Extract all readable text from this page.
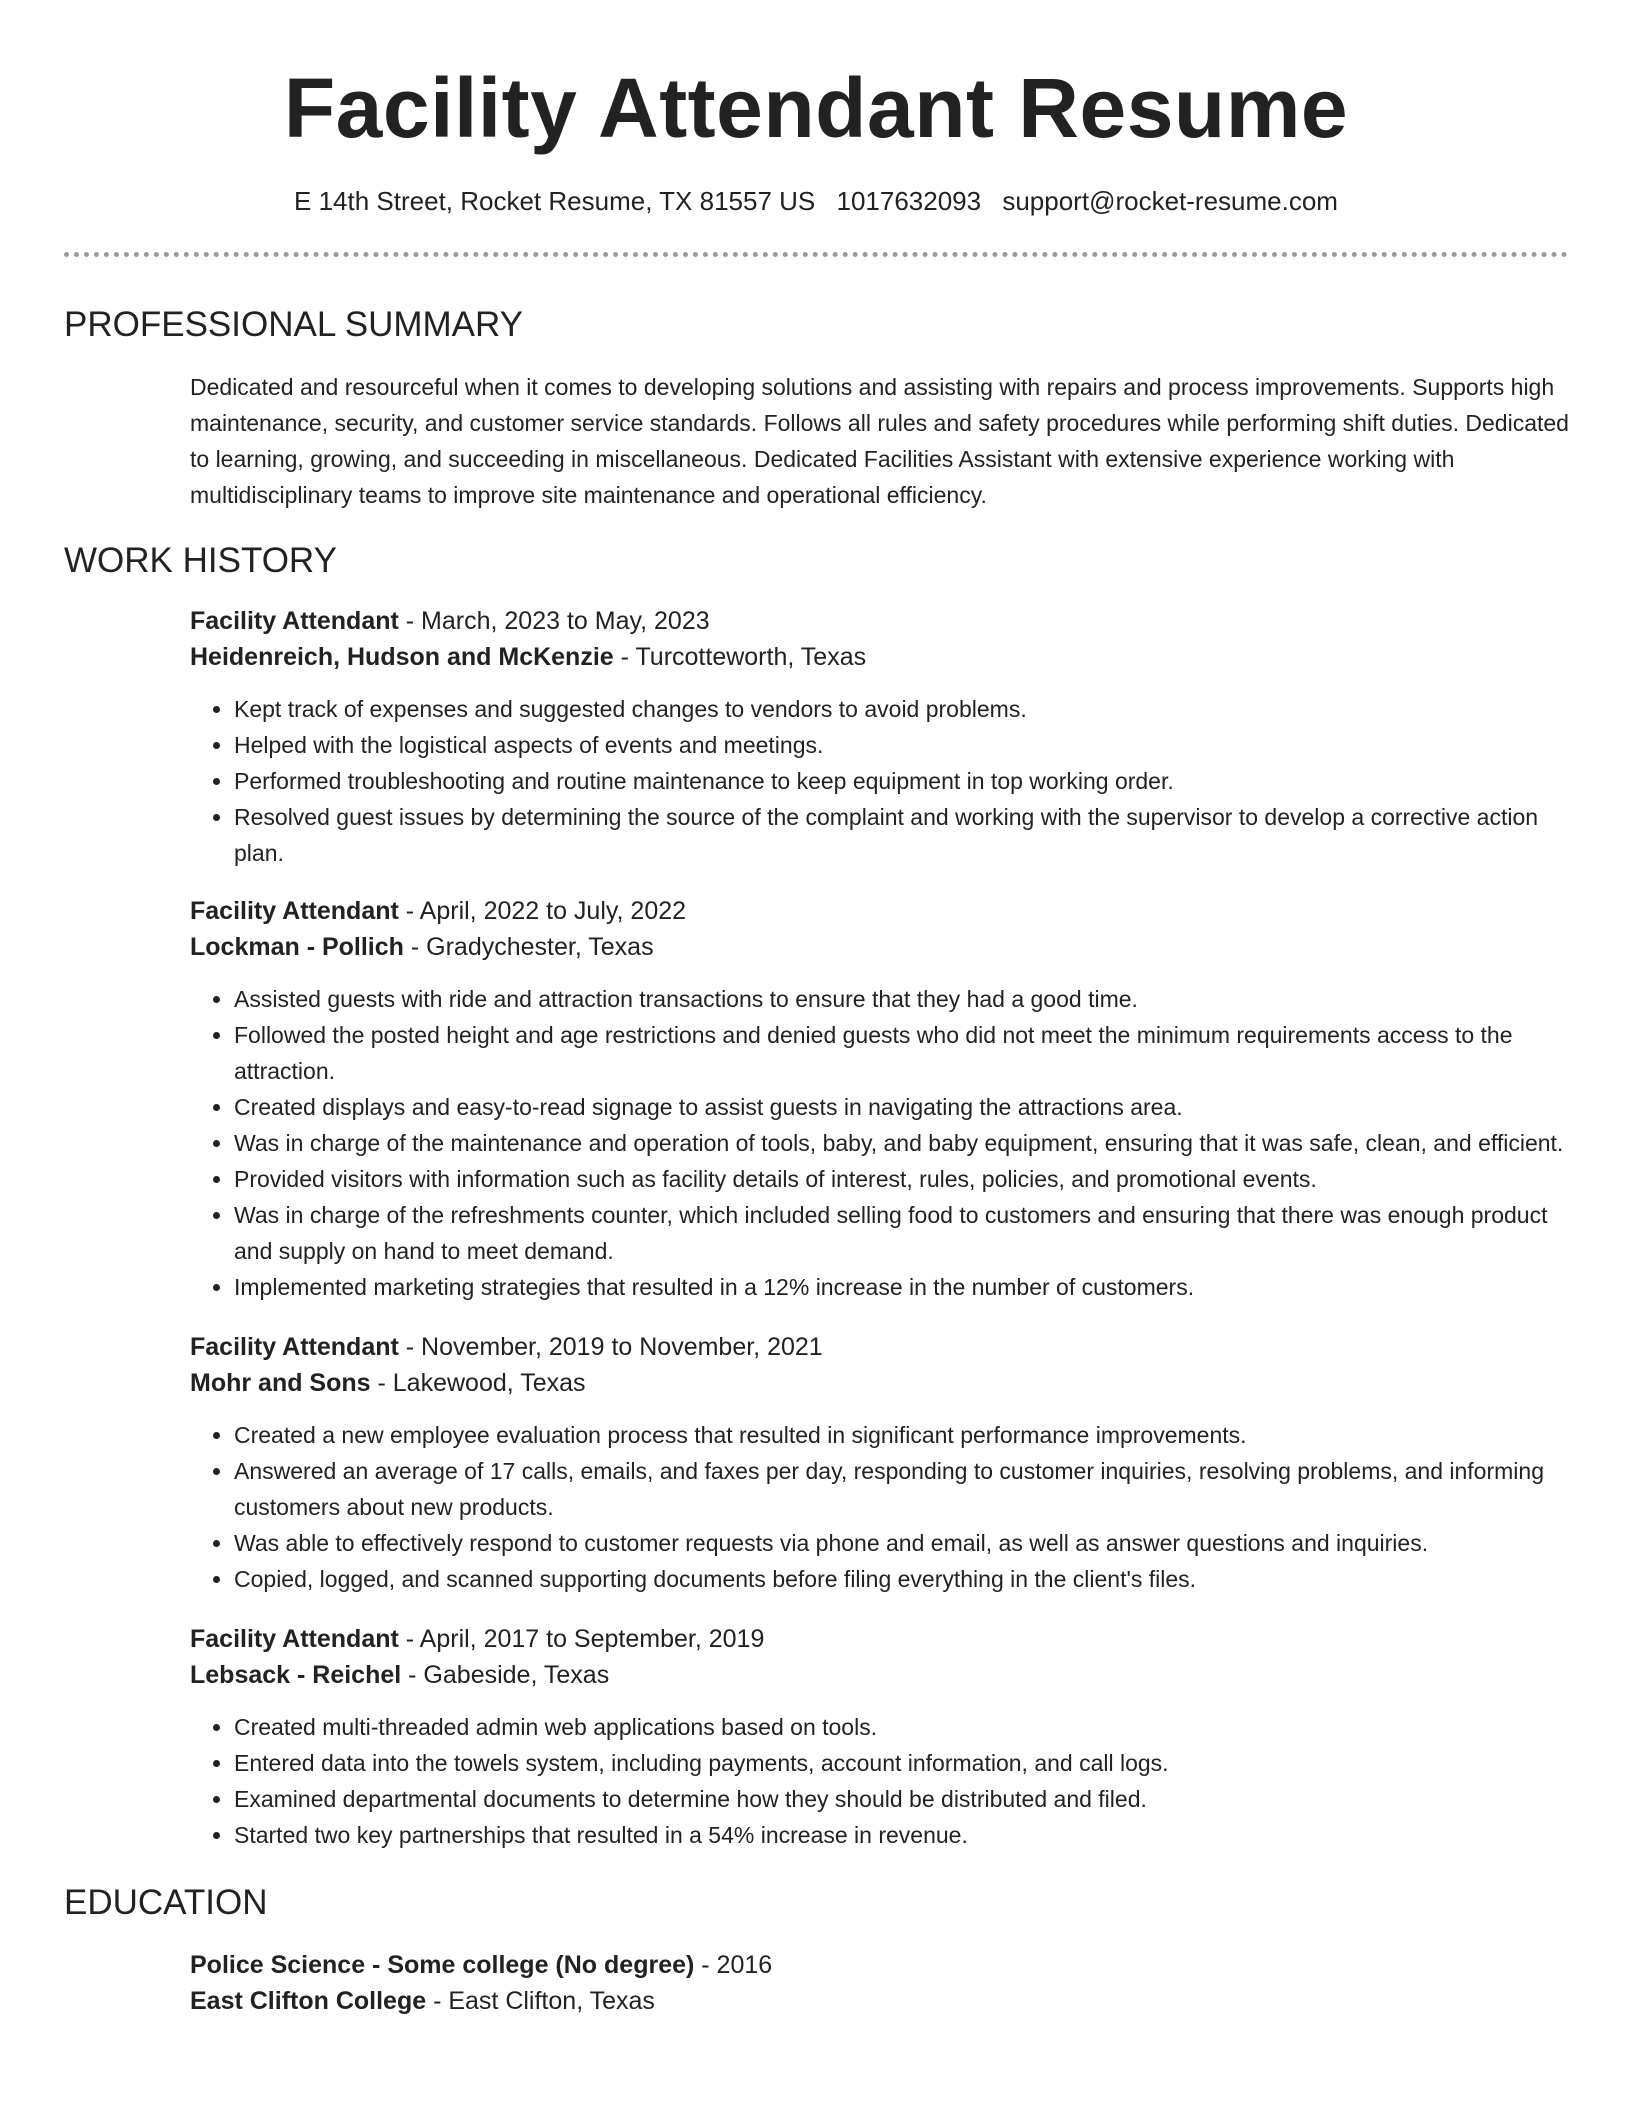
Facility Attendant Resume
E 14th Street, Rocket Resume, TX 81557 US 1017632093 support@rocket-resume.com
PROFESSIONAL SUMMARY

Dedicated and resourceful when it comes to developing solutions and assisting with repairs and process improvements. Supports high maintenance, security, and customer service standards. Follows all rules and safety procedures while performing shift duties. Dedicated to learning, growing, and succeeding in miscellaneous. Dedicated Facilities Assistant with extensive experience working with multidisciplinary teams to improve site maintenance and operational efficiency.

WORK HISTORY

Facility Attendant - March, 2023 to May, 2023

Heidenreich, Hudson and McKenzie - Turcotteworth, Texas

• Kept track of expenses and suggested changes to vendors to avoid problems.
• Helped with the logistical aspects of events and meetings.
• Performed troubleshooting and routine maintenance to keep equipment in top working order.
• Resolved guest issues by determining the source of the complaint and working with the supervisor to develop a corrective action plan.

Facility Attendant - April, 2022 to July, 2022

Lockman - Pollich - Gradychester, Texas

• Assisted guests with ride and attraction transactions to ensure that they had a good time.
• Followed the posted height and age restrictions and denied guests who did not meet the minimum requirements access to the attraction.
• Created displays and easy-to-read signage to assist guests in navigating the attractions area.
• Was in charge of the maintenance and operation of tools, baby, and baby equipment, ensuring that it was safe, clean, and efficient.
• Provided visitors with information such as facility details of interest, rules, policies, and promotional events.
• Was in charge of the refreshments counter, which included selling food to customers and ensuring that there was enough product and supply on hand to meet demand.
• Implemented marketing strategies that resulted in a 12% increase in the number of customers.

Facility Attendant - November, 2019 to November, 2021

Mohr and Sons - Lakewood, Texas

• Created a new employee evaluation process that resulted in significant performance improvements.
• Answered an average of 17 calls, emails, and faxes per day, responding to customer inquiries, resolving problems, and informing customers about new products.
• Was able to effectively respond to customer requests via phone and email, as well as answer questions and inquiries.
• Copied, logged, and scanned supporting documents before filing everything in the client's files.

Facility Attendant - April, 2017 to September, 2019

Lebsack - Reichel - Gabeside, Texas

• Created multi-threaded admin web applications based on tools.
• Entered data into the towels system, including payments, account information, and call logs.
• Examined departmental documents to determine how they should be distributed and filed.
• Started two key partnerships that resulted in a 54% increase in revenue.
EDUCATION

Police Science - Some college (No degree) - 2016

East Clifton College - East Clifton, Texas
